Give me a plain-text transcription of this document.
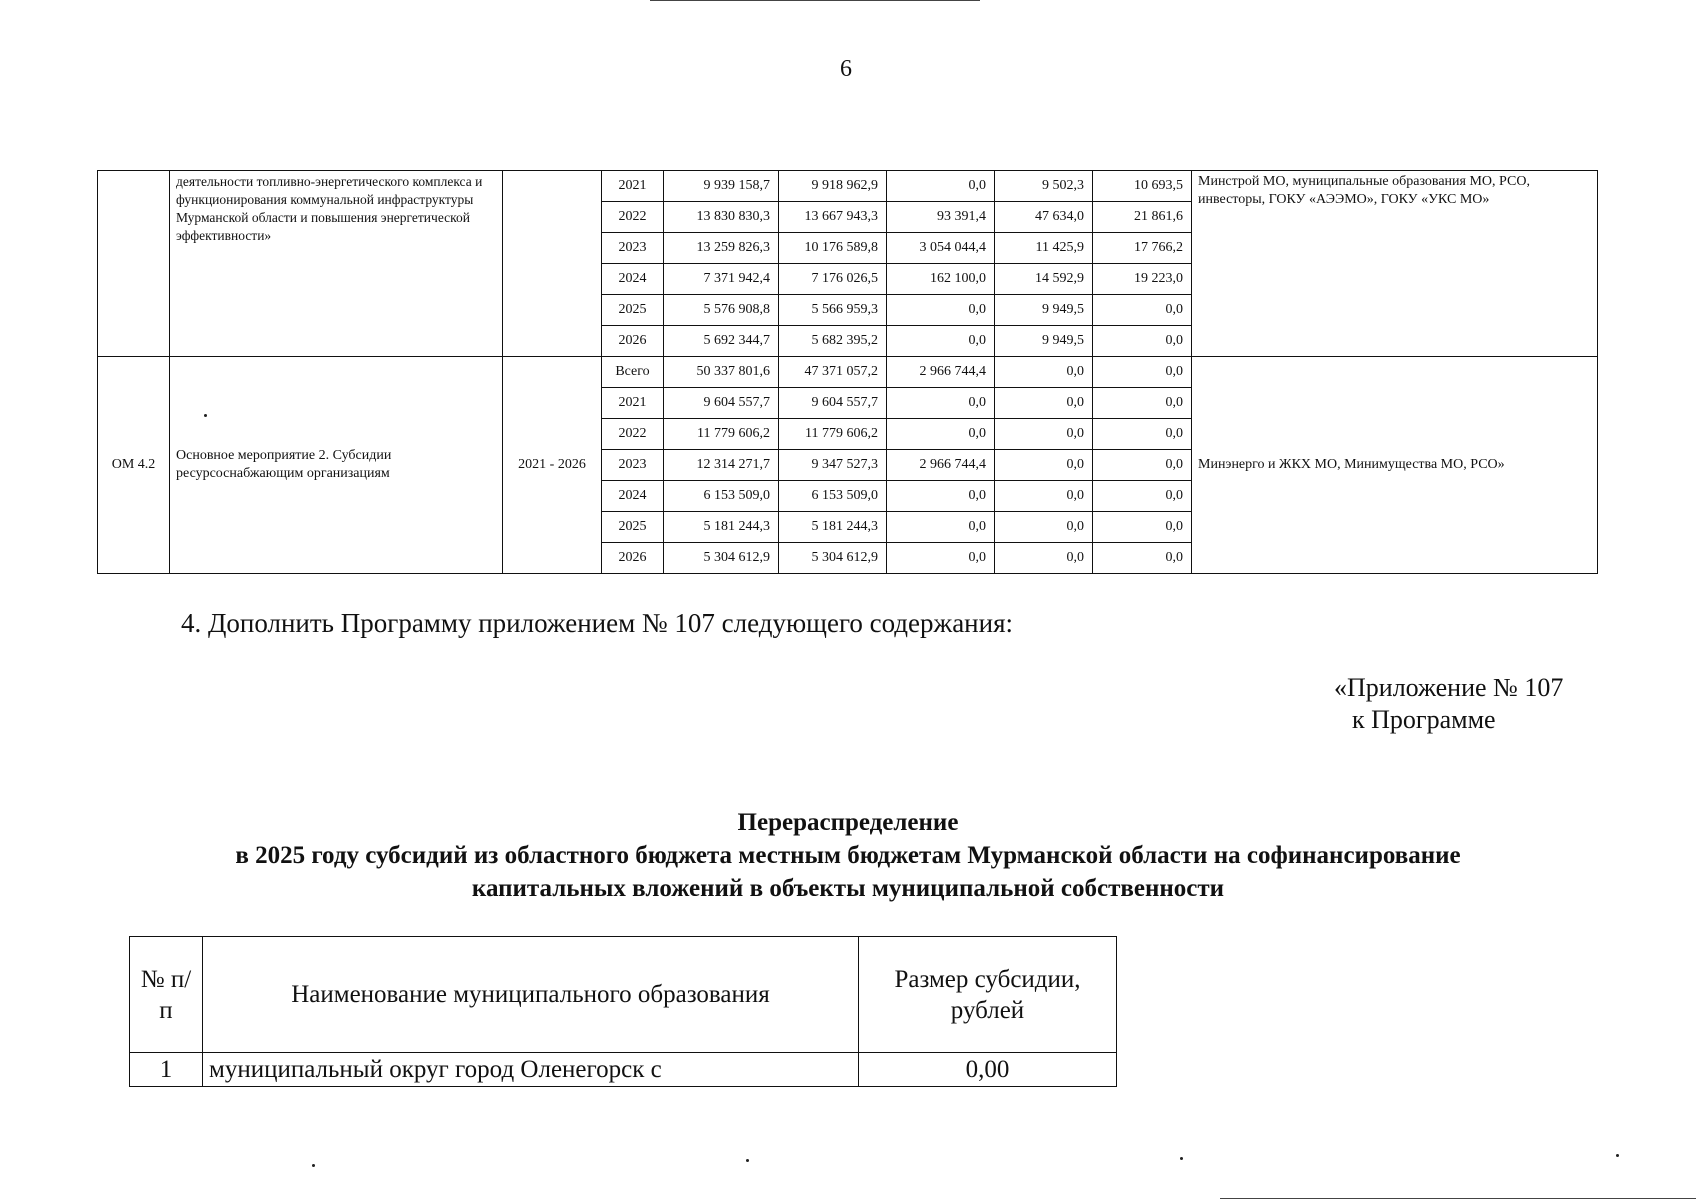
6
	деятельности топливно-энергетического комплекса и функционирования коммунальной инфраструктуры Мурманской области и повышения энергетической эффективности»		2021	9 939 158,7	9 918 962,9	0,0	9 502,3	10 693,5	Минстрой МО, муниципальные образования МО, РСО, инвесторы, ГОКУ «АЭЭМО», ГОКУ «УКС МО»
			2022	13 830 830,3	13 667 943,3	93 391,4	47 634,0	21 861,6	
			2023	13 259 826,3	10 176 589,8	3 054 044,4	11 425,9	17 766,2	
			2024	7 371 942,4	7 176 026,5	162 100,0	14 592,9	19 223,0	
			2025	5 576 908,8	5 566 959,3	0,0	9 949,5	0,0	
			2026	5 692 344,7	5 682 395,2	0,0	9 949,5	0,0	
ОМ 4.2	Основное мероприятие 2. Субсидии ресурсоснабжающим организациям	2021 - 2026	Всего	50 337 801,6	47 371 057,2	2 966 744,4	0,0	0,0	Минэнерго и ЖКХ МО, Минимущества МО, РСО»
			2021	9 604 557,7	9 604 557,7	0,0	0,0	0,0	
			2022	11 779 606,2	11 779 606,2	0,0	0,0	0,0	
			2023	12 314 271,7	9 347 527,3	2 966 744,4	0,0	0,0	
			2024	6 153 509,0	6 153 509,0	0,0	0,0	0,0	
			2025	5 181 244,3	5 181 244,3	0,0	0,0	0,0	
			2026	5 304 612,9	5 304 612,9	0,0	0,0	0,0	
4. Дополнить Программу приложением № 107 следующего содержания:
«Приложение № 107
к Программе
Перераспределение
в 2025 году субсидий из областного бюджета местным бюджетам Мурманской области на софинансирование
капитальных вложений в объекты муниципальной собственности
№ п/п	Наименование муниципального образования	Размер субсидии, рублей
1	муниципальный округ город Оленегорск с	0,00
